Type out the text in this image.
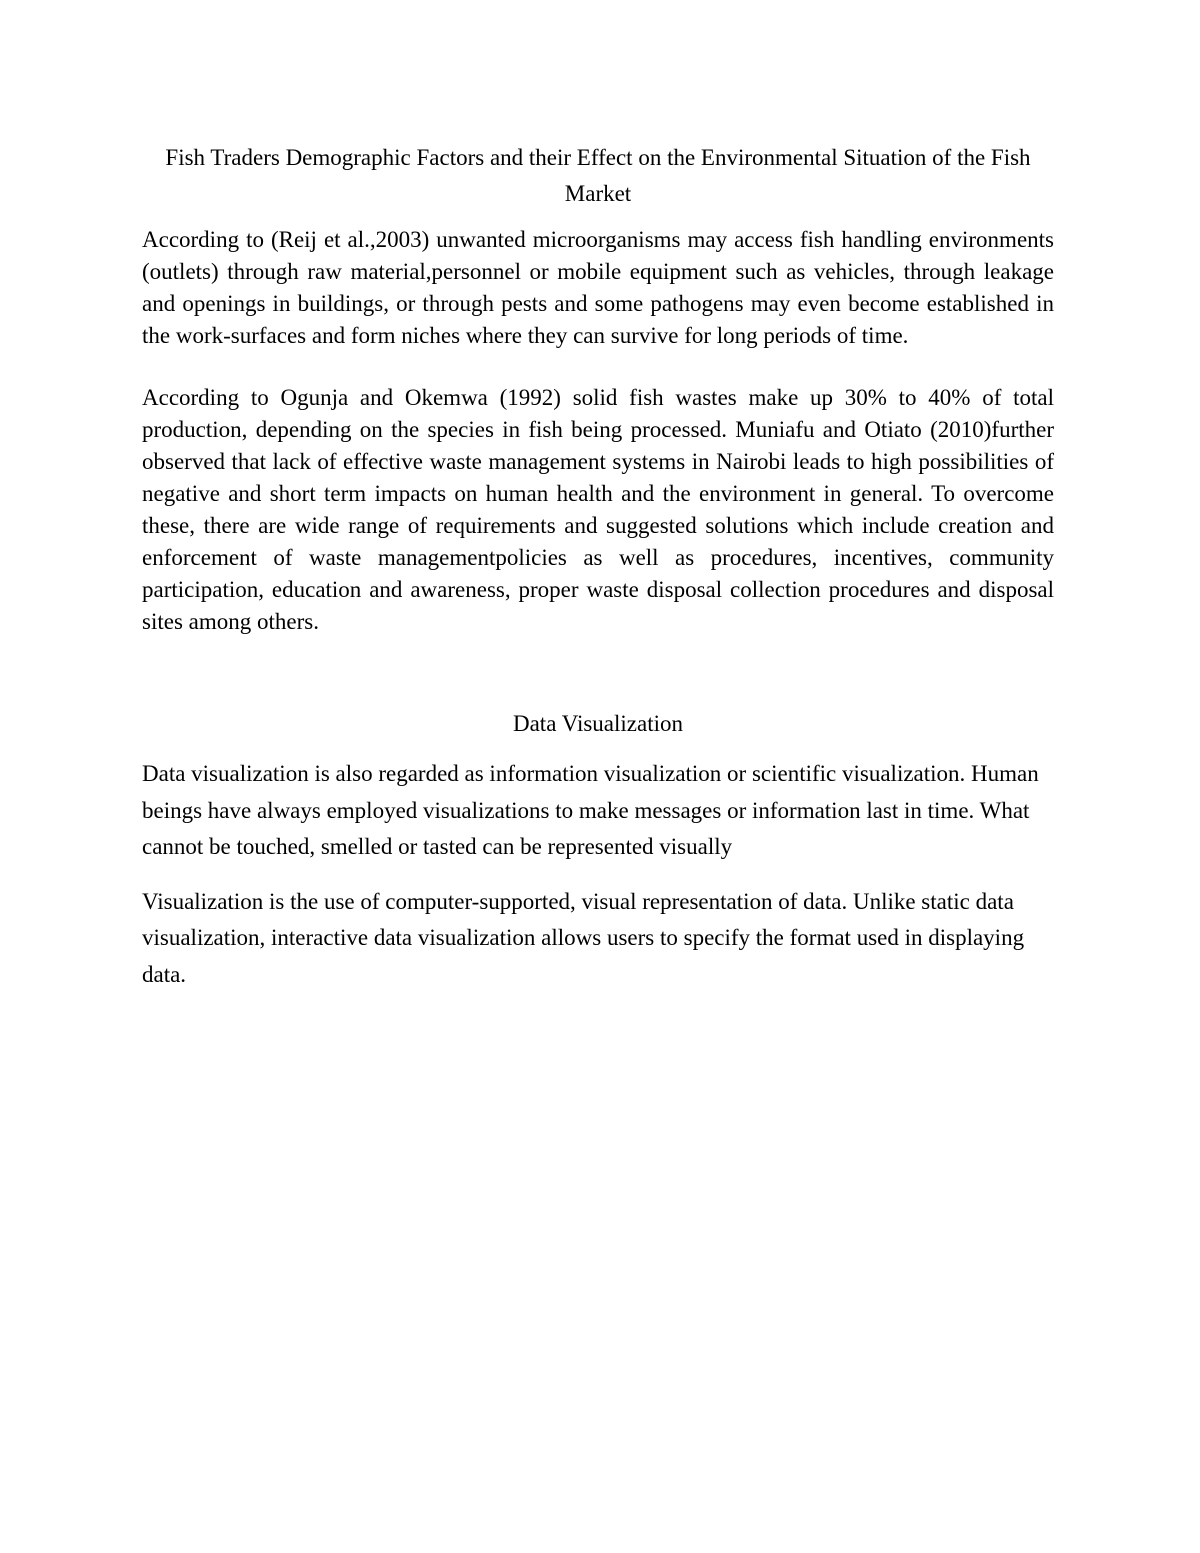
Fish Traders Demographic Factors and their Effect on the Environmental Situation of the Fish Market

According to (Reij et al.,2003) unwanted microorganisms may access fish handling environments (outlets) through raw material,personnel or mobile equipment such as vehicles, through leakage and openings in buildings, or through pests and some pathogens may even become established in the work-surfaces and form niches where they can survive for long periods of time.

According to Ogunja and Okemwa (1992) solid fish wastes make up 30% to 40% of total production, depending on the species in fish being processed. Muniafu and Otiato (2010)further observed that lack of effective waste management systems in Nairobi leads to high possibilities of negative and short term impacts on human health and the environment in general. To overcome these, there are wide range of requirements and suggested solutions which include creation and enforcement of waste managementpolicies as well as procedures, incentives, community participation, education and awareness, proper waste disposal collection procedures and disposal sites among others.

Data Visualization

Data visualization is also regarded as information visualization or scientific visualization. Human beings have always employed visualizations to make messages or information last in time. What cannot be touched, smelled or tasted can be represented visually

Visualization is the use of computer-supported, visual representation of data. Unlike static data visualization, interactive data visualization allows users to specify the format used in displaying data.
